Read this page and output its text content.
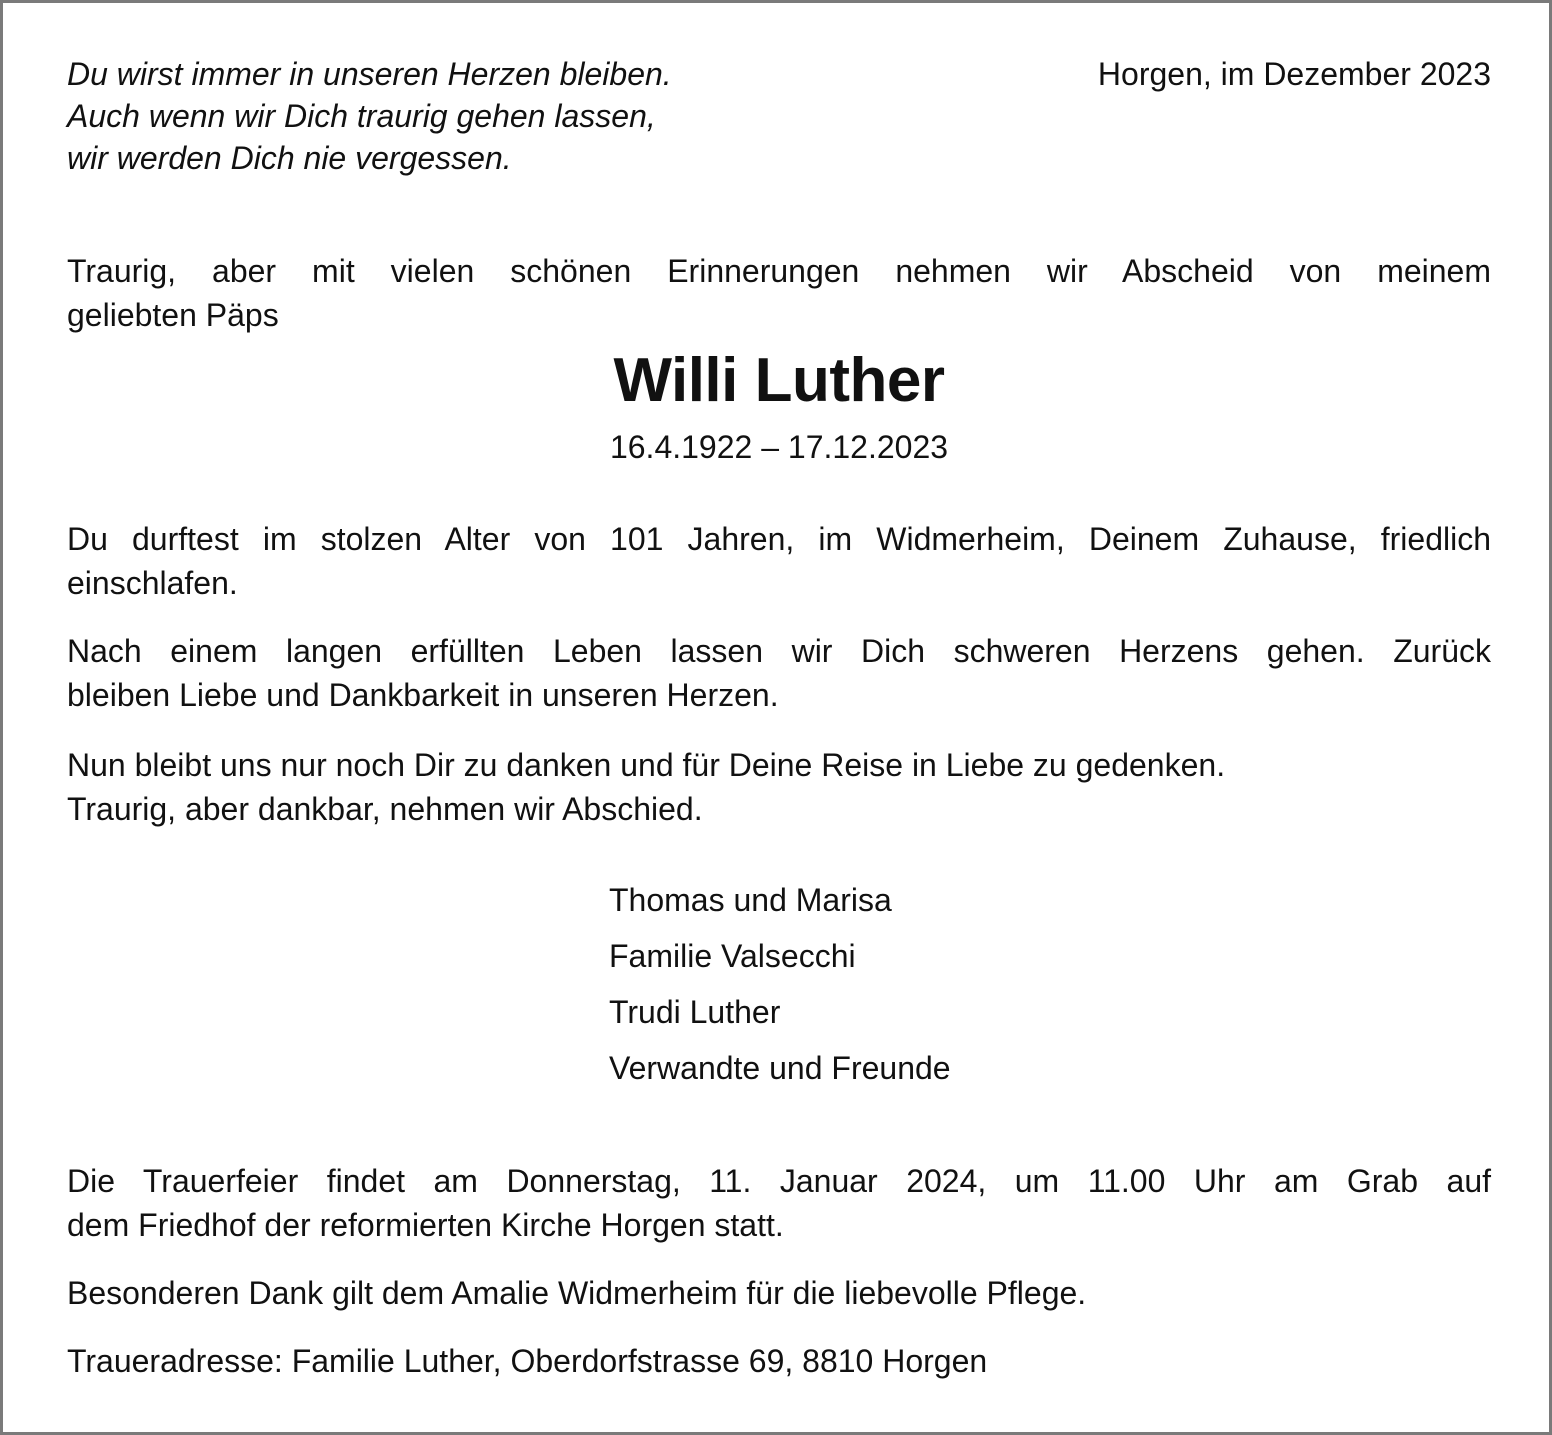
Du wirst immer in unseren Herzen bleiben.
Auch wenn wir Dich traurig gehen lassen,
wir werden Dich nie vergessen.
Horgen, im Dezember 2023
Traurig, aber mit vielen schönen Erinnerungen nehmen wir Abscheid von meinem
geliebten Päps
Willi Luther
16.4.1922 – 17.12.2023
Du durftest im stolzen Alter von 101 Jahren, im Widmerheim, Deinem Zuhause, friedlich
einschlafen.
Nach einem langen erfüllten Leben lassen wir Dich schweren Herzens gehen. Zurück
bleiben Liebe und Dankbarkeit in unseren Herzen.
Nun bleibt uns nur noch Dir zu danken und für Deine Reise in Liebe zu gedenken.
Traurig, aber dankbar, nehmen wir Abschied.
Thomas und Marisa
Familie Valsecchi
Trudi Luther
Verwandte und Freunde
Die Trauerfeier findet am Donnerstag, 11. Januar 2024, um 11.00 Uhr am Grab auf
dem Friedhof der reformierten Kirche Horgen statt.
Besonderen Dank gilt dem Amalie Widmerheim für die liebevolle Pflege.
Traueradresse: Familie Luther, Oberdorfstrasse 69, 8810 Horgen
